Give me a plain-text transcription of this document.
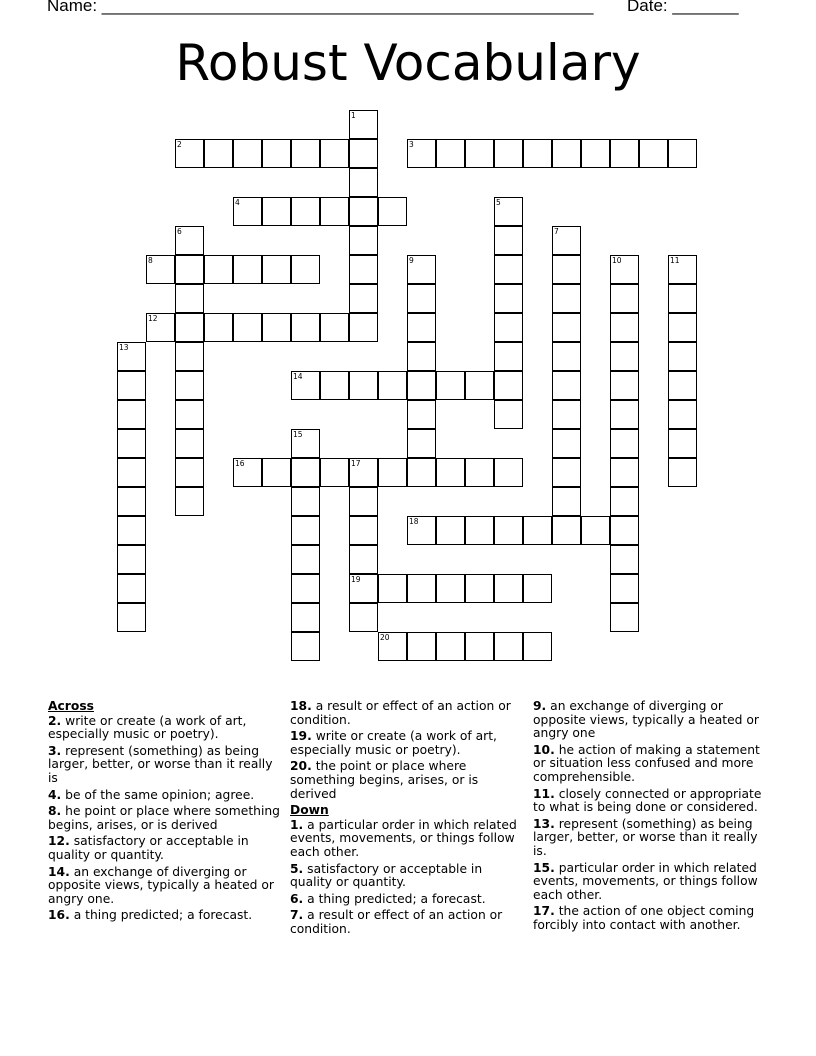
Name: ____________________________________________________ Date: _______
Robust Vocabulary
1
2	3
4	5
6	7
8	9	10	11
12
13
14
15
16	17
19
18
20
Across
2. write or create (a work of art, especially music or poetry).
3. represent (something) as being larger, better, or worse than it really is
4. be of the same opinion; agree.
8. he point or place where something begins, arises, or is derived
12. satisfactory or acceptable in quality or quantity.
14. an exchange of diverging or opposite views, typically a heated or angry one.
16. a thing predicted; a forecast.
18. a result or effect of an action or condition.
19. write or create (a work of art, especially music or poetry).
20. the point or place where something begins, arises, or is derived
Down
1. a particular order in which related events, movements, or things follow each other.
5. satisfactory or acceptable in quality or quantity.
6. a thing predicted; a forecast.
7. a result or effect of an action or condition.
9. an exchange of diverging or opposite views, typically a heated or angry one
10. he action of making a statement or situation less confused and more comprehensible.
11. closely connected or appropriate to what is being done or considered.
13. represent (something) as being larger, better, or worse than it really is.
15. particular order in which related events, movements, or things follow each other.
17. the action of one object coming forcibly into contact with another.
